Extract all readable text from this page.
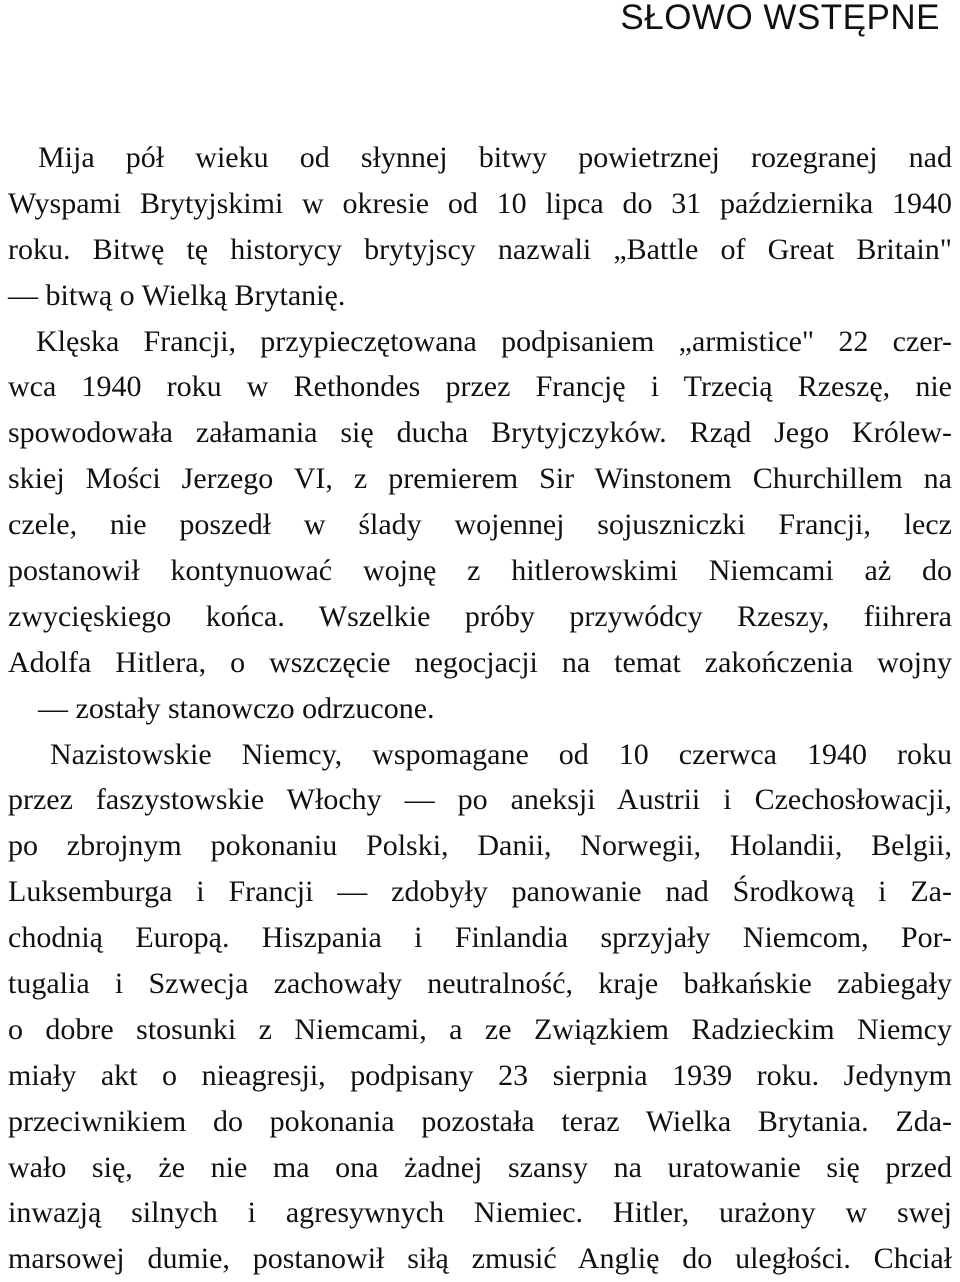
SŁOWO WSTĘPNE
Mija pół wieku od słynnej bitwy powietrznej rozegranej nad
Wyspami Brytyjskimi w okresie od 10 lipca do 31 października 1940
roku. Bitwę tę historycy brytyjscy nazwali „Battle of Great Britain"
— bitwą o Wielką Brytanię.
Klęska Francji, przypieczętowana podpisaniem „armistice" 22 czer-
wca 1940 roku w Rethondes przez Francję i Trzecią Rzeszę, nie
spowodowała załamania się ducha Brytyjczyków. Rząd Jego Królew-
skiej Mości Jerzego VI, z premierem Sir Winstonem Churchillem na
czele, nie poszedł w ślady wojennej sojuszniczki Francji, lecz
postanowił kontynuować wojnę z hitlerowskimi Niemcami aż do
zwycięskiego końca. Wszelkie próby przywódcy Rzeszy, fiihrera
Adolfa Hitlera, o wszczęcie negocjacji na temat zakończenia wojny
— zostały stanowczo odrzucone.
Nazistowskie Niemcy, wspomagane od 10 czerwca 1940 roku
przez faszystowskie Włochy — po aneksji Austrii i Czechosłowacji,
po zbrojnym pokonaniu Polski, Danii, Norwegii, Holandii, Belgii,
Luksemburga i Francji — zdobyły panowanie nad Środkową i Za-
chodnią Europą. Hiszpania i Finlandia sprzyjały Niemcom, Por-
tugalia i Szwecja zachowały neutralność, kraje bałkańskie zabiegały
o dobre stosunki z Niemcami, a ze Związkiem Radzieckim Niemcy
miały akt o nieagresji, podpisany 23 sierpnia 1939 roku. Jedynym
przeciwnikiem do pokonania pozostała teraz Wielka Brytania. Zda-
wało się, że nie ma ona żadnej szansy na uratowanie się przed
inwazją silnych i agresywnych Niemiec. Hitler, urażony w swej
marsowej dumie, postanowił siłą zmusić Anglię do uległości. Chciał
